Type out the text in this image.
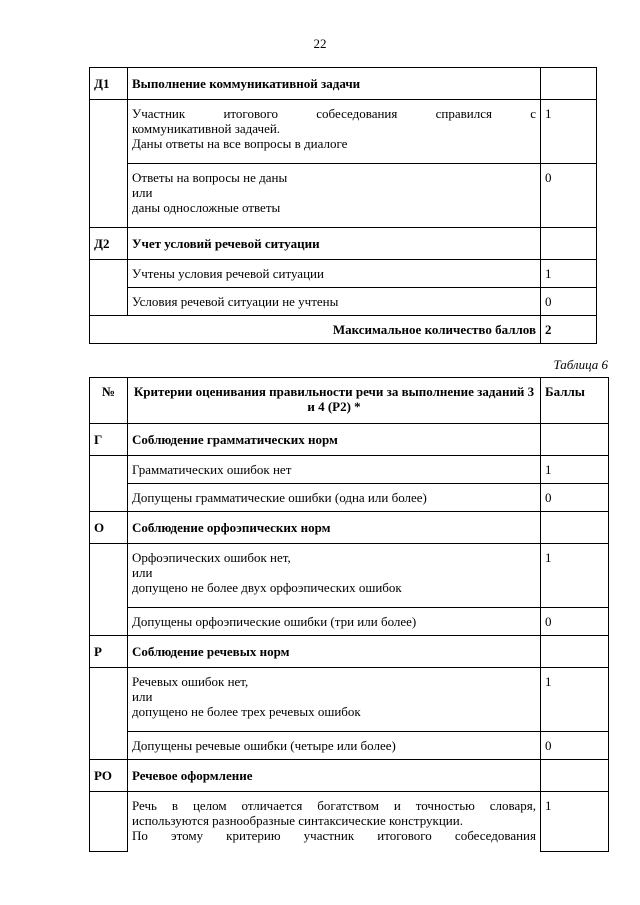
22
Д1	Выполнение коммуникативной задачи	

	Участник итогового собеседования справился с
коммуникативной задачей.
Даны ответы на все вопросы в диалоге	1

	Ответы на вопросы не даны
или
даны односложные ответы	0
Д2	Учет условий речевой ситуации	
	Учтены условия речевой ситуации	1
	Условия речевой ситуации не учтены	0
Максимальное количество баллов		2
Таблица 6
№	Критерии оценивания правильности речи за выполнение заданий 3 и 4 (Р2) *	Баллы
Г	Соблюдение грамматических норм	
	Грамматических ошибок нет	1
	Допущены грамматические ошибки (одна или более)	0
О	Соблюдение орфоэпических норм	

	Орфоэпических ошибок нет,
или
допущено не более двух орфоэпических ошибок	1
	Допущены орфоэпические ошибки (три или более)	0
Р	Соблюдение речевых норм	

	Речевых ошибок нет,
или
допущено не более трех речевых ошибок	1
	Допущены речевые ошибки (четыре или более)	0
РО	Речевое оформление	

	Речь в целом отличается богатством и точностью словаря,
используются разнообразные синтаксические конструкции.
По этому критерию участник итогового собеседования	1
